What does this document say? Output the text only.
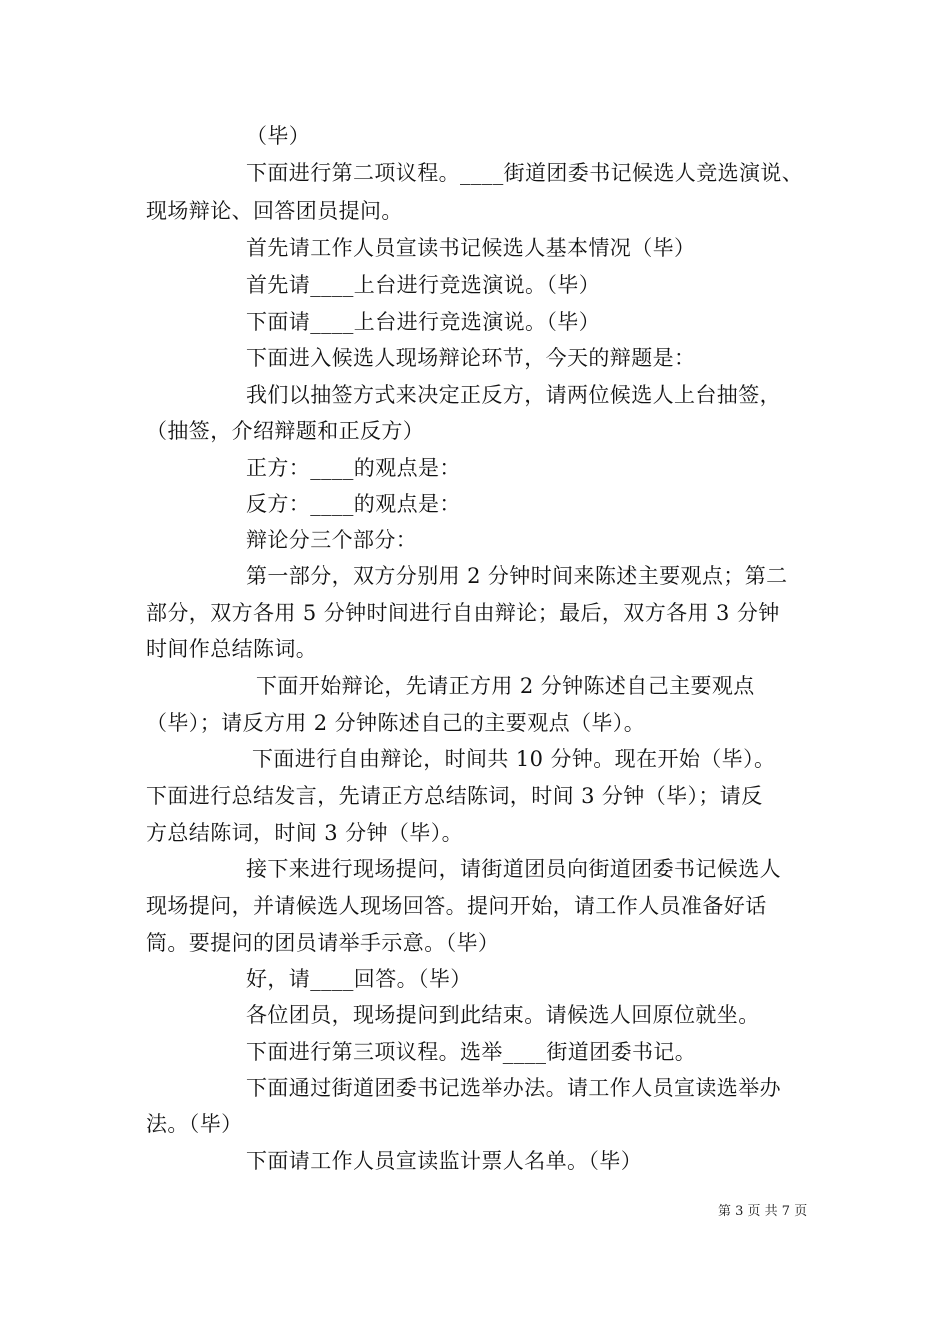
（毕）
下面进行第二项议程。____街道团委书记候选人竞选演说、
现场辩论、回答团员提问。
首先请工作人员宣读书记候选人基本情况（毕）
首先请____上台进行竞选演说。（毕）
下面请____上台进行竞选演说。（毕）
下面进入候选人现场辩论环节，今天的辩题是：
我们以抽签方式来决定正反方，请两位候选人上台抽签，
（抽签，介绍辩题和正反方）
正方：____的观点是：
反方：____的观点是：
辩论分三个部分：
第一部分，双方分别用 2 分钟时间来陈述主要观点；第二
部分，双方各用 5 分钟时间进行自由辩论；最后，双方各用 3 分钟
时间作总结陈词。
下面开始辩论，先请正方用 2 分钟陈述自己主要观点
（毕）；请反方用 2 分钟陈述自己的主要观点（毕）。
下面进行自由辩论，时间共 10 分钟。现在开始（毕）。
下面进行总结发言，先请正方总结陈词，时间 3 分钟（毕）；请反
方总结陈词，时间 3 分钟（毕）。
接下来进行现场提问，请街道团员向街道团委书记候选人
现场提问，并请候选人现场回答。提问开始，请工作人员准备好话
筒。要提问的团员请举手示意。（毕）
好，请____回答。（毕）
各位团员，现场提问到此结束。请候选人回原位就坐。
下面进行第三项议程。选举____街道团委书记。
下面通过街道团委书记选举办法。请工作人员宣读选举办
法。（毕）
下面请工作人员宣读监计票人名单。（毕）
第 3 页 共 7 页
